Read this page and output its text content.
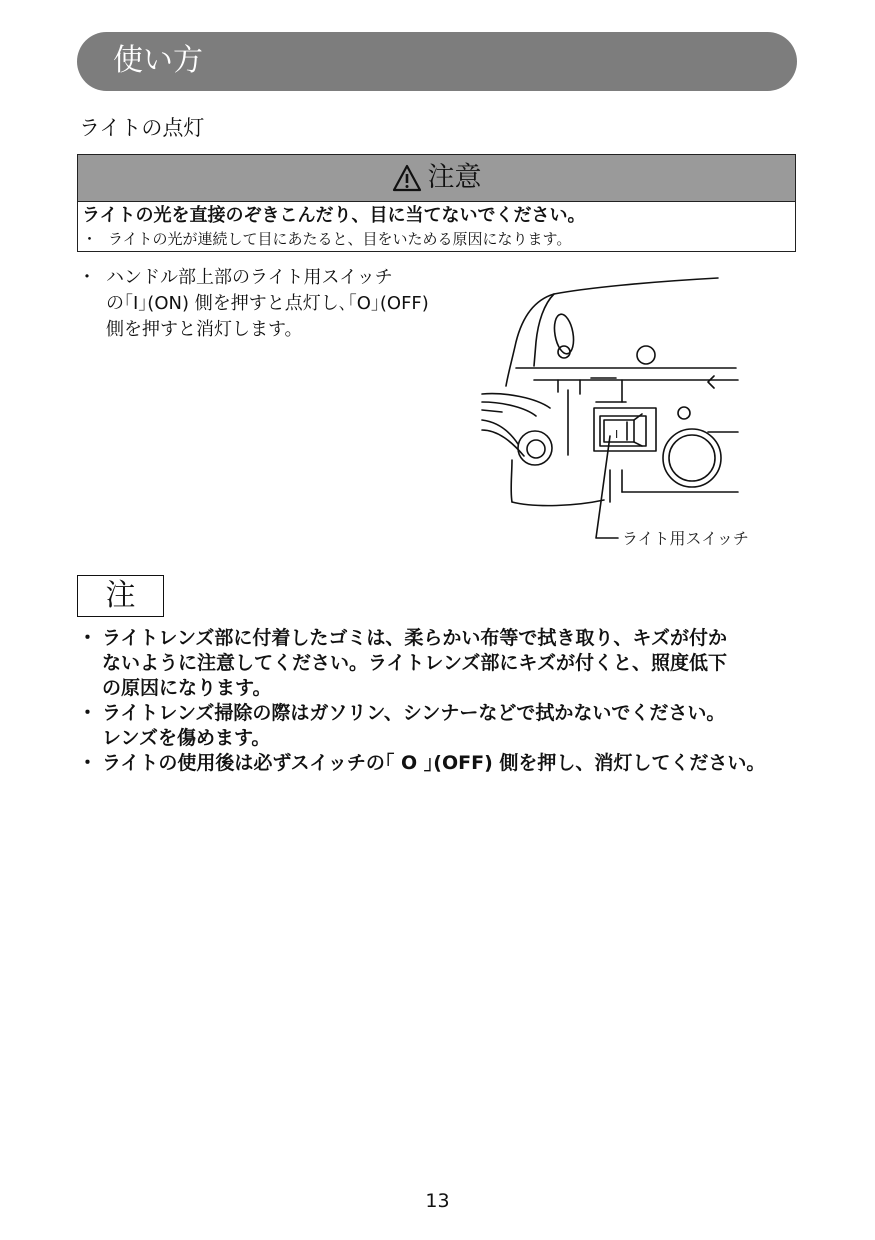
使い方
ライトの点灯
注意
ライトの光を直接のぞきこんだり、目に当てないでください。
・ ライトの光が連続して目にあたると、目をいためる原因になります。
・ ハンドル部上部のライト用スイッチ
の｢I｣(ON) 側を押すと点灯し､｢O｣(OFF)
側を押すと消灯します。
I
ライト用スイッチ
注
・ ライトレンズ部に付着したゴミは、柔らかい布等で拭き取り、キズが付か
ないように注意してください。ライトレンズ部にキズが付くと、照度低下
の原因になります。
・ ライトレンズ掃除の際はガソリン、シンナーなどで拭かないでください。
レンズを傷めます。
・ ライトの使用後は必ずスイッチの｢ O ｣(OFF) 側を押し、消灯してください。
13
